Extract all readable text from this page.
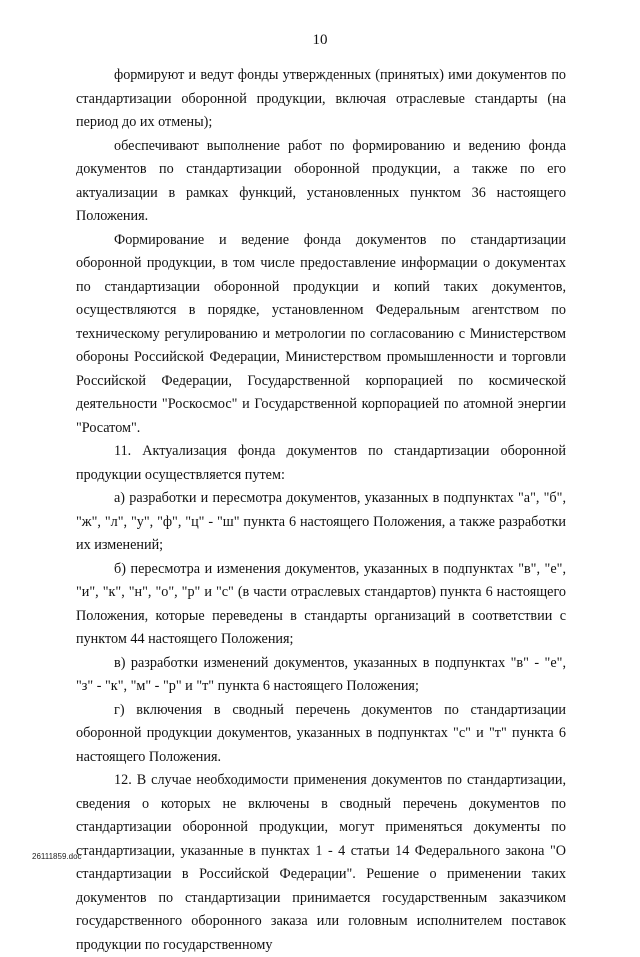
10

формируют и ведут фонды утвержденных (принятых) ими документов по стандартизации оборонной продукции, включая отраслевые стандарты (на период до их отмены);

обеспечивают выполнение работ по формированию и ведению фонда документов по стандартизации оборонной продукции, а также по его актуализации в рамках функций, установленных пунктом 36 настоящего Положения.

Формирование и ведение фонда документов по стандартизации оборонной продукции, в том числе предоставление информации о документах по стандартизации оборонной продукции и копий таких документов, осуществляются в порядке, установленном Федеральным агентством по техническому регулированию и метрологии по согласованию с Министерством обороны Российской Федерации, Министерством промышленности и торговли Российской Федерации, Государственной корпорацией по космической деятельности "Роскосмос" и Государственной корпорацией по атомной энергии "Росатом".

11. Актуализация фонда документов по стандартизации оборонной продукции осуществляется путем:

а) разработки и пересмотра документов, указанных в подпунктах "а", "б", "ж", "л", "у", "ф", "ц" - "ш" пункта 6 настоящего Положения, а также разработки их изменений;

б) пересмотра и изменения документов, указанных в подпунктах "в", "е", "и", "к", "н", "о", "р" и "с" (в части отраслевых стандартов) пункта 6 настоящего Положения, которые переведены в стандарты организаций в соответствии с пунктом 44 настоящего Положения;

в) разработки изменений документов, указанных в подпунктах "в" - "е", "з" - "к", "м" - "р" и "т" пункта 6 настоящего Положения;

г) включения в сводный перечень документов по стандартизации оборонной продукции документов, указанных в подпунктах "с" и "т" пункта 6 настоящего Положения.

12. В случае необходимости применения документов по стандартизации, сведения о которых не включены в сводный перечень документов по стандартизации оборонной продукции, могут применяться документы по стандартизации, указанные в пунктах 1 - 4 статьи 14 Федерального закона "О стандартизации в Российской Федерации". Решение о применении таких документов по стандартизации принимается государственным заказчиком государственного оборонного заказа или головным исполнителем поставок продукции по государственному

26111859.doc
